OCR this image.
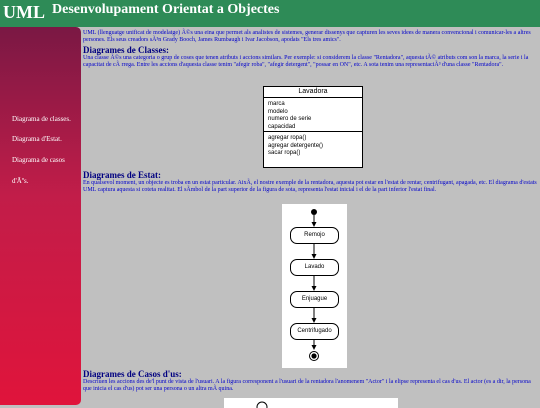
UML Desenvolupament Orientat a Objectes
Diagrama de classes.
Diagrama d'Estat.
Diagrama de casos
d'Ãºs.

UML (llenguatge unificat de modelatge) Ã©s una eina que permet als analistes de sistemes, generar dissenys que capturen les seves idees de manera convencional i comunicar-les a altres persones. Els seus creadors sÃ³n Grady Booch, James Rumbaugh i Ivar Jacobson, apodats "Els tres amics".

Diagrames de Classes:

Una classe Ã©s una categoria o grup de coses que tenen atributs i accions similars. Per exemple: si considerem la classe "Rentadora", aquesta tÃ© atributs com son la marca, la serie i la capacitat de cÃ rrega. Entre les accions d'aquesta classe tenim "afegir roba", "afegir detergent", "possar en ON", etc. A sota tenim una representaciÃ³ d'una classe "Rentadora".

Diagrames de Estat:

En qualsevol moment, un objecte es troba en un estat particular. AixÃ, el nostre exemple de la rentadora, aquesta pot estar en l'estat de rentar, centrifugant, apagada, etc. El diagrama d'estats UML captura aquesta si coteta realitat. El sÃmbol de la part superior de la figura de sota, representa l'estat inicial i el de la part inferior l'estat final.

Diagrames de Casos d'us:

Descriuen les accions des de'l punt de vista de l'usuari. A la figura corresponent a l'usuari de la rentadora l'anomenem "Actor" i la elipse representa el cas d'us. El actor (es a dir, la persona que inicia el cas d'us) pot ser una persona o un altra mÃ quina.

Lavadora
marca
modelo
numero de serie
capacidad
agregar ropa()
agregar detergente()
sacar ropa()
Remojo
Lavado
Enjuague
Centrifugado
